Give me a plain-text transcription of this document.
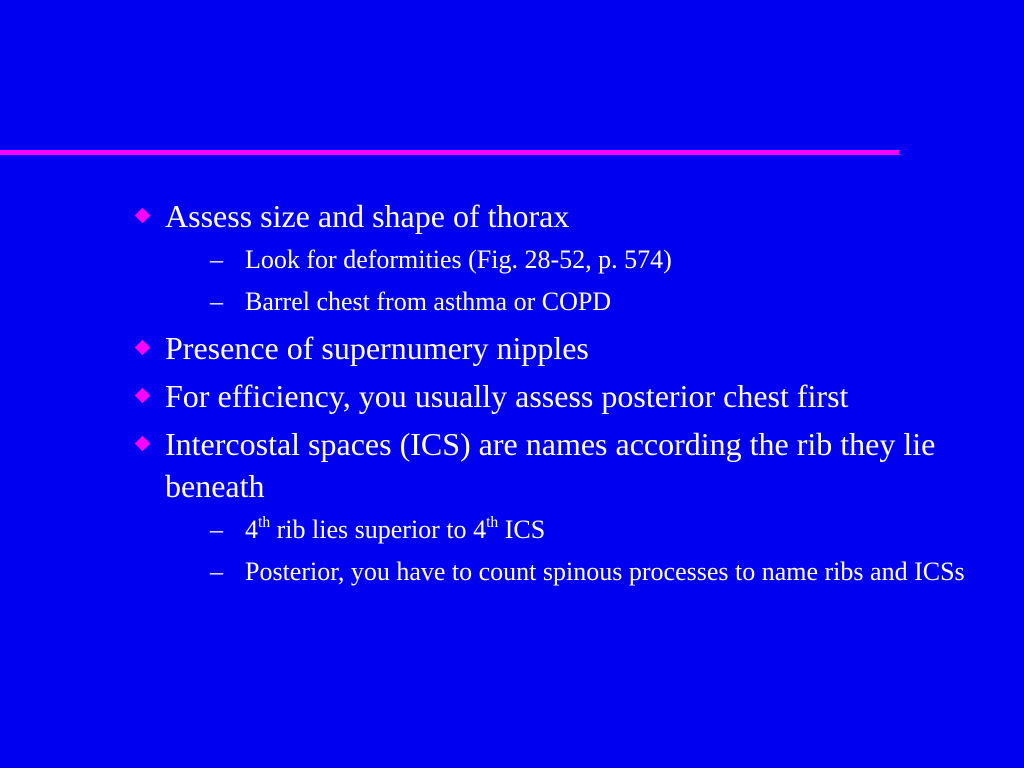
Assess size and shape of thorax
– Look for deformities (Fig. 28-52, p. 574)
– Barrel chest from asthma or COPD
Presence of supernumery nipples
For efficiency, you usually assess posterior chest first
Intercostal spaces (ICS) are names according the rib they lie beneath
– 4th rib lies superior to 4th ICS
– Posterior, you have to count spinous processes to name ribs and ICSs
